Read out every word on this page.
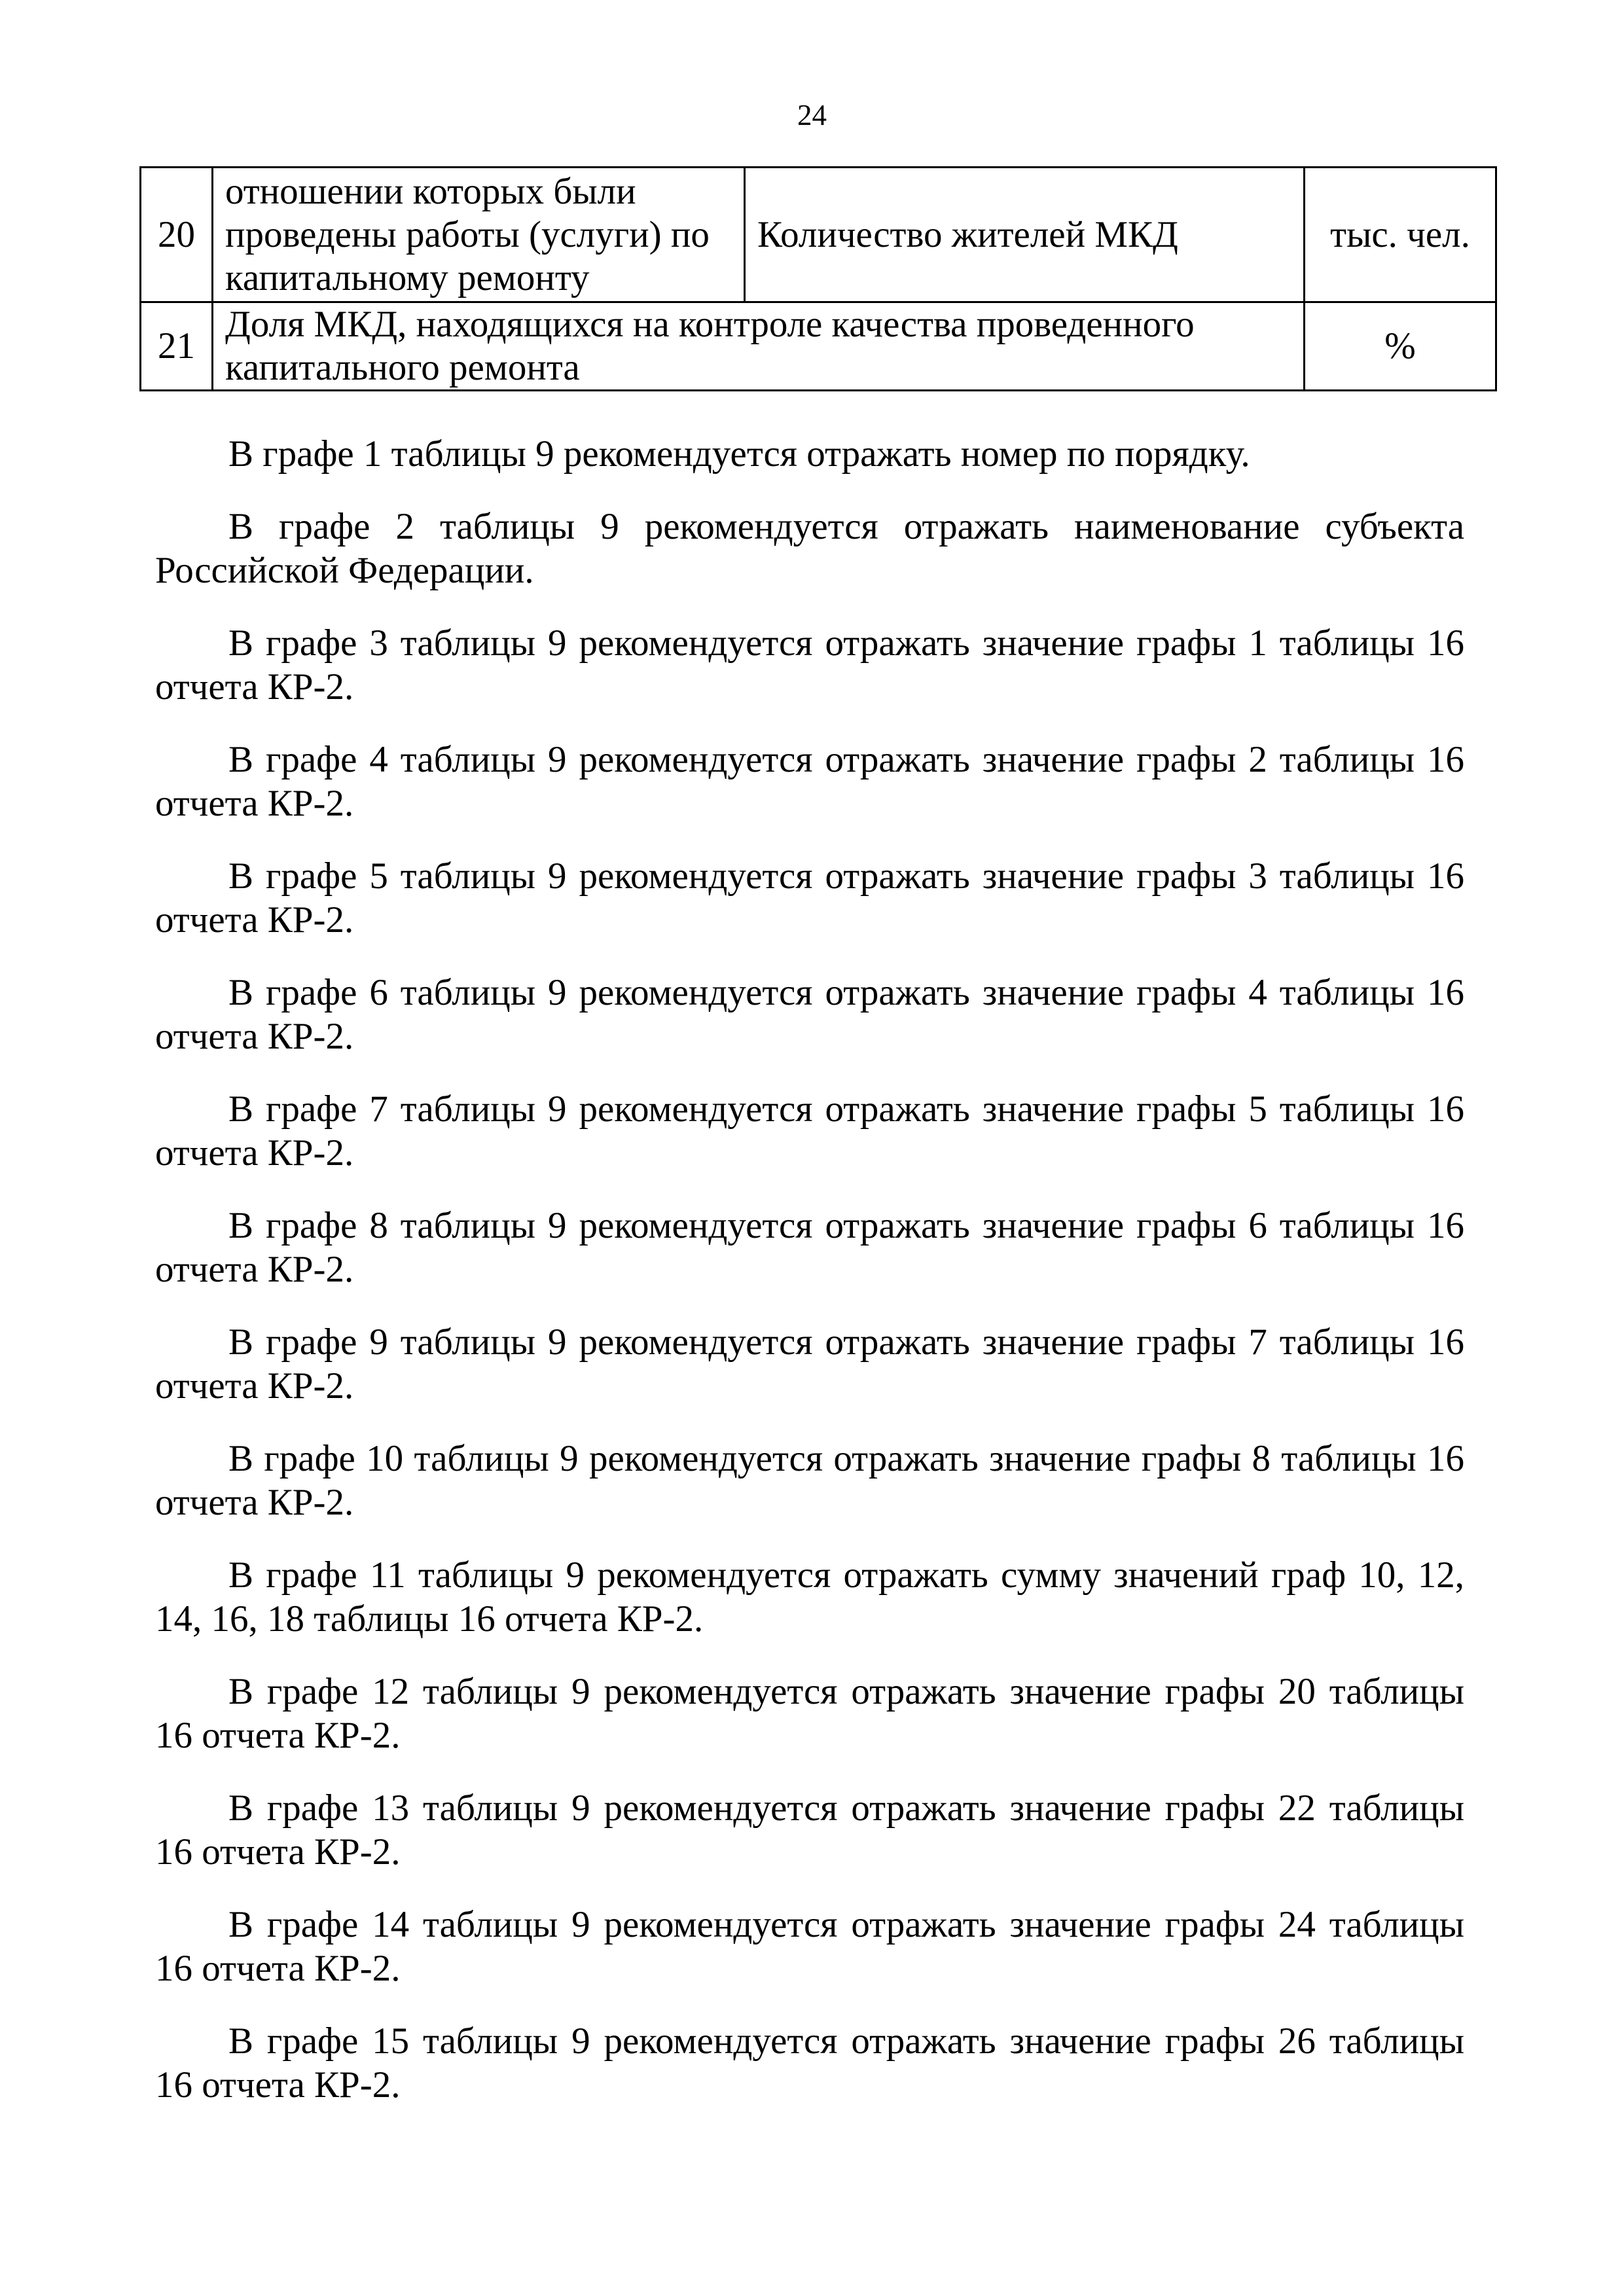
24
20	отношении которых были проведены работы (услуги) по капитальному ремонту	Количество жителей МКД	тыс. чел.
21	Доля МКД, находящихся на контроле качества проведенного капитального ремонта		%

В графе 1 таблицы 9 рекомендуется отражать номер по порядку.

В графе 2 таблицы 9 рекомендуется отражать наименование субъекта Российской Федерации.

В графе 3 таблицы 9 рекомендуется отражать значение графы 1 таблицы 16 отчета КР-2.

В графе 4 таблицы 9 рекомендуется отражать значение графы 2 таблицы 16 отчета КР-2.

В графе 5 таблицы 9 рекомендуется отражать значение графы 3 таблицы 16 отчета КР-2.

В графе 6 таблицы 9 рекомендуется отражать значение графы 4 таблицы 16 отчета КР-2.

В графе 7 таблицы 9 рекомендуется отражать значение графы 5 таблицы 16 отчета КР-2.

В графе 8 таблицы 9 рекомендуется отражать значение графы 6 таблицы 16 отчета КР-2.

В графе 9 таблицы 9 рекомендуется отражать значение графы 7 таблицы 16 отчета КР-2.

В графе 10 таблицы 9 рекомендуется отражать значение графы 8 таблицы 16 отчета КР-2.

В графе 11 таблицы 9 рекомендуется отражать сумму значений граф 10, 12, 14, 16, 18 таблицы 16 отчета КР-2.

В графе 12 таблицы 9 рекомендуется отражать значение графы 20 таблицы 16 отчета КР-2.

В графе 13 таблицы 9 рекомендуется отражать значение графы 22 таблицы 16 отчета КР-2.

В графе 14 таблицы 9 рекомендуется отражать значение графы 24 таблицы 16 отчета КР-2.

В графе 15 таблицы 9 рекомендуется отражать значение графы 26 таблицы 16 отчета КР-2.
